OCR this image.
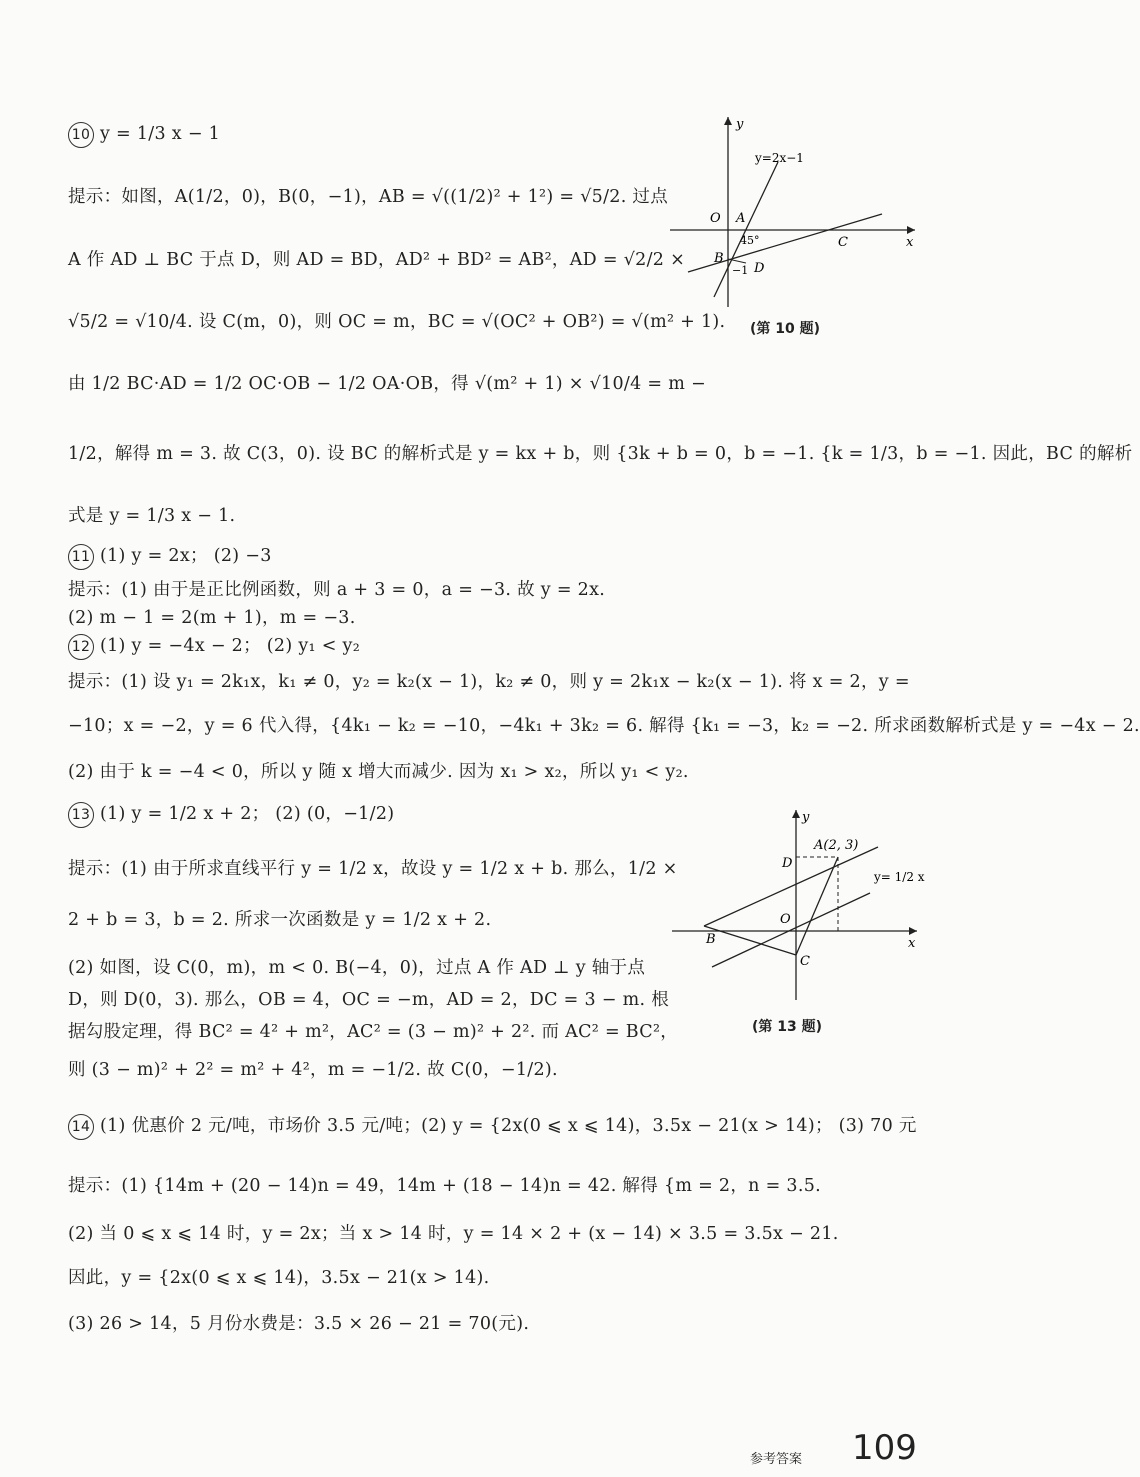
10 y = 1/3 x − 1
提示：如图，A(1/2，0)，B(0，−1)，AB = √((1/2)² + 1²) = √5/2. 过点
A 作 AD ⊥ BC 于点 D，则 AD = BD，AD² + BD² = AB²，AD = √2/2 ×
√5/2 = √10/4. 设 C(m，0)，则 OC = m，BC = √(OC² + OB²) = √(m² + 1).
由 1/2 BC·AD = 1/2 OC·OB − 1/2 OA·OB，得 √(m² + 1) × √10/4 = m −
1/2，解得 m = 3. 故 C(3，0). 设 BC 的解析式是 y = kx + b，则 {3k + b = 0，b = −1. {k = 1/3，b = −1. 因此，BC 的解析
式是 y = 1/3 x − 1.
11 (1) y = 2x； (2) −3
提示：(1) 由于是正比例函数，则 a + 3 = 0，a = −3. 故 y = 2x.
(2) m − 1 = 2(m + 1)，m = −3.
12 (1) y = −4x − 2； (2) y₁ < y₂
提示：(1) 设 y₁ = 2k₁x，k₁ ≠ 0，y₂ = k₂(x − 1)，k₂ ≠ 0，则 y = 2k₁x − k₂(x − 1). 将 x = 2，y =
−10；x = −2，y = 6 代入得，{4k₁ − k₂ = −10，−4k₁ + 3k₂ = 6. 解得 {k₁ = −3，k₂ = −2. 所求函数解析式是 y = −4x − 2.
(2) 由于 k = −4 < 0，所以 y 随 x 增大而减少. 因为 x₁ > x₂，所以 y₁ < y₂.
13 (1) y = 1/2 x + 2； (2) (0，−1/2)
提示：(1) 由于所求直线平行 y = 1/2 x，故设 y = 1/2 x + b. 那么，1/2 ×
2 + b = 3，b = 2. 所求一次函数是 y = 1/2 x + 2.
(2) 如图，设 C(0，m)，m < 0. B(−4，0)，过点 A 作 AD ⊥ y 轴于点
D，则 D(0，3). 那么，OB = 4，OC = −m，AD = 2，DC = 3 − m. 根
据勾股定理，得 BC² = 4² + m²，AC² = (3 − m)² + 2². 而 AC² = BC²，
则 (3 − m)² + 2² = m² + 4²，m = −1/2. 故 C(0，−1/2).
14 (1) 优惠价 2 元/吨，市场价 3.5 元/吨；(2) y = {2x(0 ⩽ x ⩽ 14)，3.5x − 21(x > 14)； (3) 70 元
提示：(1) {14m + (20 − 14)n = 49，14m + (18 − 14)n = 42. 解得 {m = 2，n = 3.5.
(2) 当 0 ⩽ x ⩽ 14 时，y = 2x；当 x > 14 时，y = 14 × 2 + (x − 14) × 3.5 = 3.5x − 21.
因此，y = {2x(0 ⩽ x ⩽ 14)，3.5x − 21(x > 14).
(3) 26 > 14，5 月份水费是：3.5 × 26 − 21 = 70(元).
y
x
y=2x−1
O A
45°	C
B
−1 D
(第 10 题)
y
x
A(2, 3)
D
y= 1/2 x
O
B
C
(第 13 题)
参考答案 109
